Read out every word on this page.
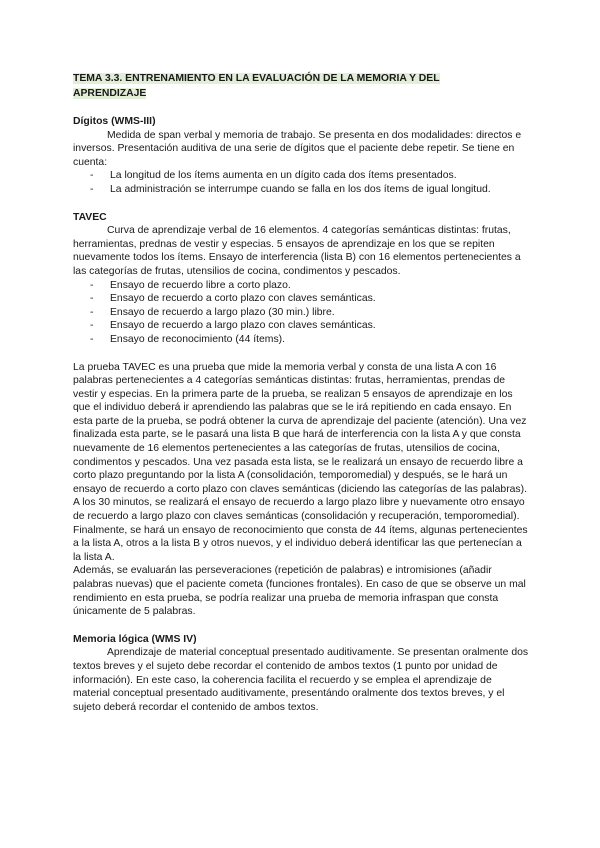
TEMA 3.3. ENTRENAMIENTO EN LA EVALUACIÓN DE LA MEMORIA Y DEL
APRENDIZAJE
Dígitos (WMS-III)

Medida de span verbal y memoria de trabajo. Se presenta en dos modalidades: directos e inversos. Presentación auditiva de una serie de dígitos que el paciente debe repetir. Se tiene en cuenta:

- La longitud de los ítems aumenta en un dígito cada dos ítems presentados.
- La administración se interrumpe cuando se falla en los dos ítems de igual longitud.
TAVEC

Curva de aprendizaje verbal de 16 elementos. 4 categorías semánticas distintas: frutas, herramientas, prednas de vestir y especias. 5 ensayos de aprendizaje en los que se repiten nuevamente todos los ítems. Ensayo de interferencia (lista B) con 16 elementos pertenecientes a las categorías de frutas, utensilios de cocina, condimentos y pescados.

- Ensayo de recuerdo libre a corto plazo.
- Ensayo de recuerdo a corto plazo con claves semánticas.
- Ensayo de recuerdo a largo plazo (30 min.) libre.
- Ensayo de recuerdo a largo plazo con claves semánticas.
- Ensayo de reconocimiento (44 ítems).

La prueba TAVEC es una prueba que mide la memoria verbal y consta de una lista A con 16 palabras pertenecientes a 4 categorías semánticas distintas: frutas, herramientas, prendas de vestir y especias. En la primera parte de la prueba, se realizan 5 ensayos de aprendizaje en los que el individuo deberá ir aprendiendo las palabras que se le irá repitiendo en cada ensayo. En esta parte de la prueba, se podrá obtener la curva de aprendizaje del paciente (atención). Una vez finalizada esta parte, se le pasará una lista B que hará de interferencia con la lista A y que consta nuevamente de 16 elementos pertenecientes a las categorías de frutas, utensilios de cocina, condimentos y pescados. Una vez pasada esta lista, se le realizará un ensayo de recuerdo libre a corto plazo preguntando por la lista A (consolidación, temporomedial) y después, se le hará un ensayo de recuerdo a corto plazo con claves semánticas (diciendo las categorías de las palabras). A los 30 minutos, se realizará el ensayo de recuerdo a largo plazo libre y nuevamente otro ensayo de recuerdo a largo plazo con claves semánticas (consolidación y recuperación, temporomedial). Finalmente, se hará un ensayo de reconocimiento que consta de 44 ítems, algunas pertenecientes a la lista A, otros a la lista B y otros nuevos, y el individuo deberá identificar las que pertenecían a la lista A.

Además, se evaluarán las perseveraciones (repetición de palabras) e intromisiones (añadir palabras nuevas) que el paciente cometa (funciones frontales). En caso de que se observe un mal rendimiento en esta prueba, se podría realizar una prueba de memoria infraspan que consta únicamente de 5 palabras.

Memoria lógica (WMS IV)

Aprendizaje de material conceptual presentado auditivamente. Se presentan oralmente dos textos breves y el sujeto debe recordar el contenido de ambos textos (1 punto por unidad de información). En este caso, la coherencia facilita el recuerdo y se emplea el aprendizaje de material conceptual presentado auditivamente, presentándo oralmente dos textos breves, y el sujeto deberá recordar el contenido de ambos textos.
